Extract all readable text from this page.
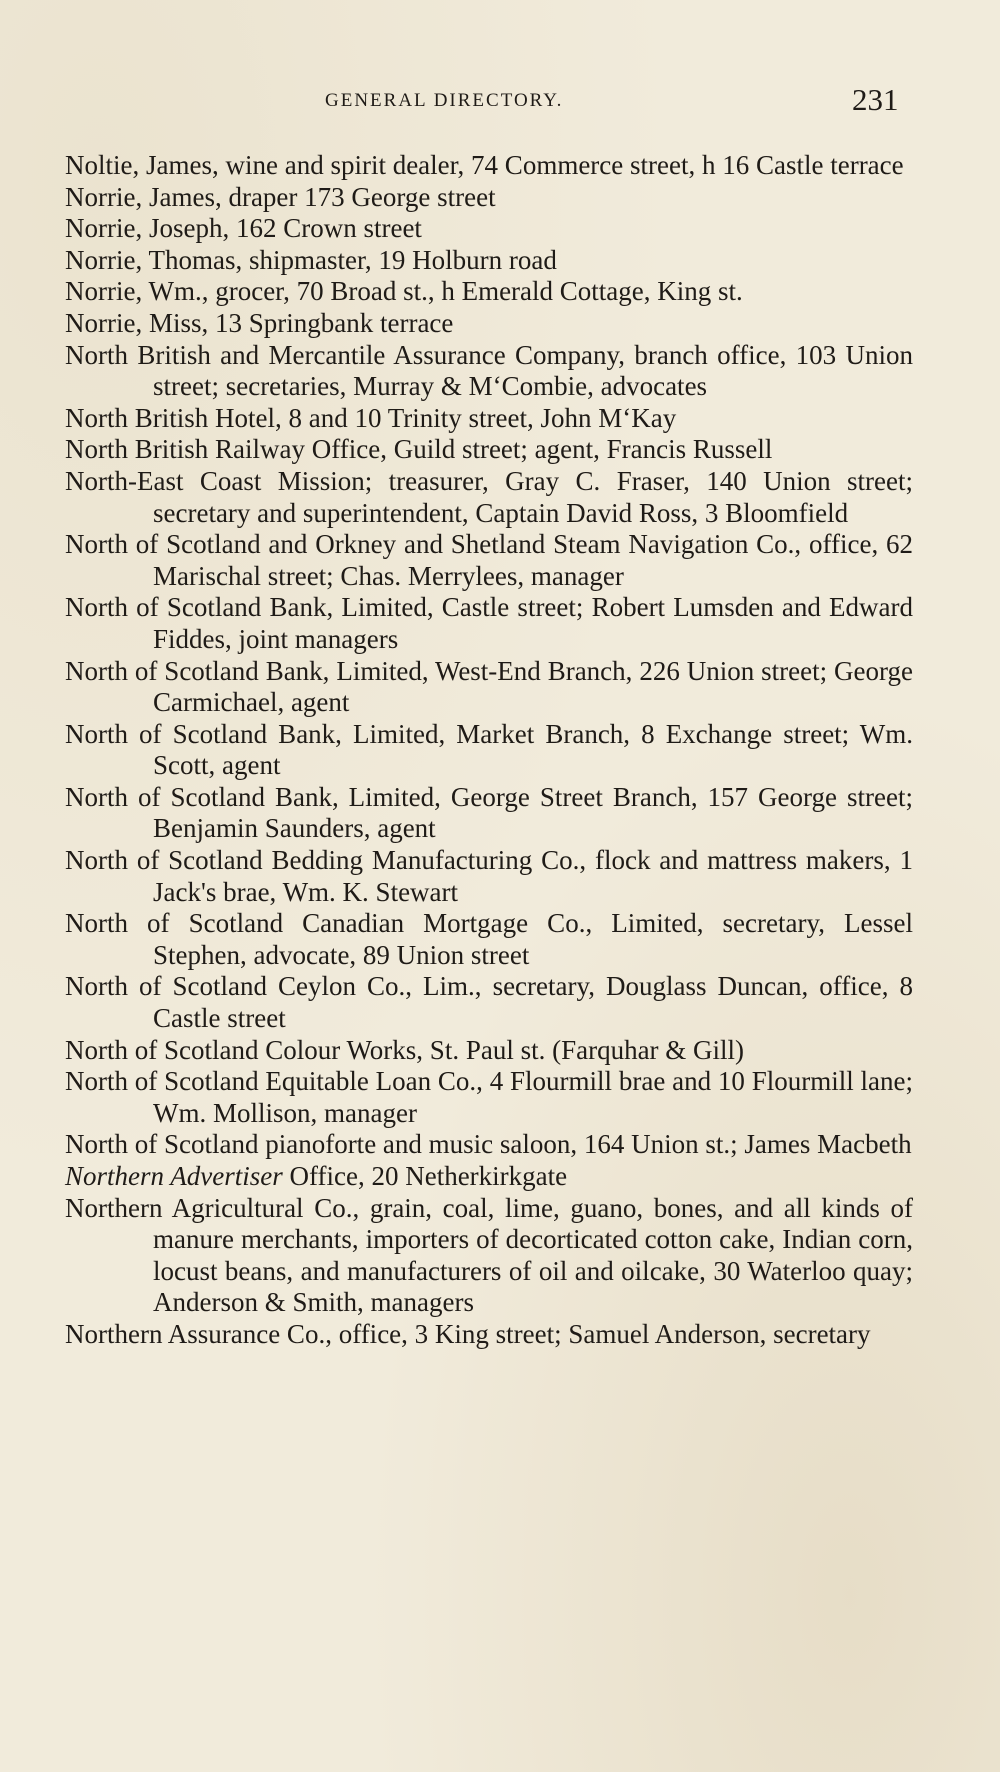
GENERAL DIRECTORY.	231
Noltie, James, wine and spirit dealer, 74 Commerce street, h 16 Castle terrace
Norrie, James, draper 173 George street
Norrie, Joseph, 162 Crown street
Norrie, Thomas, shipmaster, 19 Holburn road
Norrie, Wm., grocer, 70 Broad st., h Emerald Cottage, King st.
Norrie, Miss, 13 Springbank terrace
North British and Mercantile Assurance Company, branch office, 103 Union street; secretaries, Murray & M‘Combie, advocates
North British Hotel, 8 and 10 Trinity street, John M‘Kay
North British Railway Office, Guild street; agent, Francis Russell
North-East Coast Mission; treasurer, Gray C. Fraser, 140 Union street; secretary and superintendent, Captain David Ross, 3 Bloomfield
North of Scotland and Orkney and Shetland Steam Navigation Co., office, 62 Marischal street; Chas. Merrylees, manager
North of Scotland Bank, Limited, Castle street; Robert Lumsden and Edward Fiddes, joint managers
North of Scotland Bank, Limited, West-End Branch, 226 Union street; George Carmichael, agent
North of Scotland Bank, Limited, Market Branch, 8 Exchange street; Wm. Scott, agent
North of Scotland Bank, Limited, George Street Branch, 157 George street; Benjamin Saunders, agent
North of Scotland Bedding Manufacturing Co., flock and mattress makers, 1 Jack's brae, Wm. K. Stewart
North of Scotland Canadian Mortgage Co., Limited, secretary, Lessel Stephen, advocate, 89 Union street
North of Scotland Ceylon Co., Lim., secretary, Douglass Duncan, office, 8 Castle street
North of Scotland Colour Works, St. Paul st. (Farquhar & Gill)
North of Scotland Equitable Loan Co., 4 Flourmill brae and 10 Flourmill lane; Wm. Mollison, manager
North of Scotland pianoforte and music saloon, 164 Union st.; James Macbeth
Northern Advertiser Office, 20 Netherkirkgate
Northern Agricultural Co., grain, coal, lime, guano, bones, and all kinds of manure merchants, importers of decorticated cotton cake, Indian corn, locust beans, and manufacturers of oil and oilcake, 30 Waterloo quay; Anderson & Smith, managers
Northern Assurance Co., office, 3 King street; Samuel Anderson, secretary
